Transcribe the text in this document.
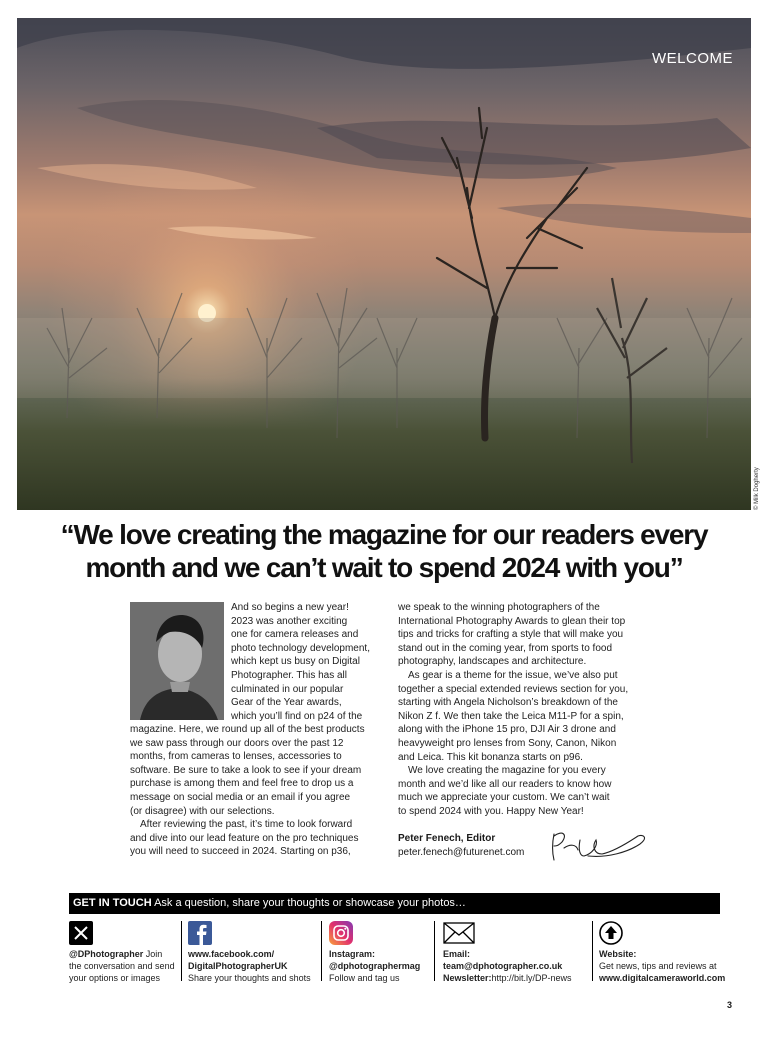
WELCOME
© Milk Dogherty
“We love creating the magazine for our readers every
month and we can’t wait to spend 2024 with you”
And so begins a new year!
2023 was another exciting
one for camera releases and
photo technology development,
which kept us busy on Digital
Photographer. This has all
culminated in our popular
Gear of the Year awards,
which you’ll find on p24 of the
magazine. Here, we round up all of the best products
we saw pass through our doors over the past 12
months, from cameras to lenses, accessories to
software. Be sure to take a look to see if your dream
purchase is among them and feel free to drop us a
message on social media or an email if you agree
(or disagree) with our selections.
After reviewing the past, it’s time to look forward
and dive into our lead feature on the pro techniques
you will need to succeed in 2024. Starting on p36,
we speak to the winning photographers of the
International Photography Awards to glean their top
tips and tricks for crafting a style that will make you
stand out in the coming year, from sports to food
photography, landscapes and architecture.
As gear is a theme for the issue, we’ve also put
together a special extended reviews section for you,
starting with Angela Nicholson’s breakdown of the
Nikon Z f. We then take the Leica M11-P for a spin,
along with the iPhone 15 pro, DJI Air 3 drone and
heavyweight pro lenses from Sony, Canon, Nikon
and Leica. This kit bonanza starts on p96.
We love creating the magazine for you every
month and we’d like all our readers to know how
much we appreciate your custom. We can’t wait
to spend 2024 with you. Happy New Year!
Peter Fenech, Editor
peter.fenech@futurenet.com
GET IN TOUCH Ask a question, share your thoughts or showcase your photos…
@DPhotographer Join
the conversation and send
your options or images
www.facebook.com/
DigitalPhotographerUK
Share your thoughts and shots
Instagram:
@dphotographermag
Follow and tag us
Email:
team@dphotographer.co.uk
Newsletter:http://bit.ly/DP-news
Website:
Get news, tips and reviews at
www.digitalcameraworld.com
3
